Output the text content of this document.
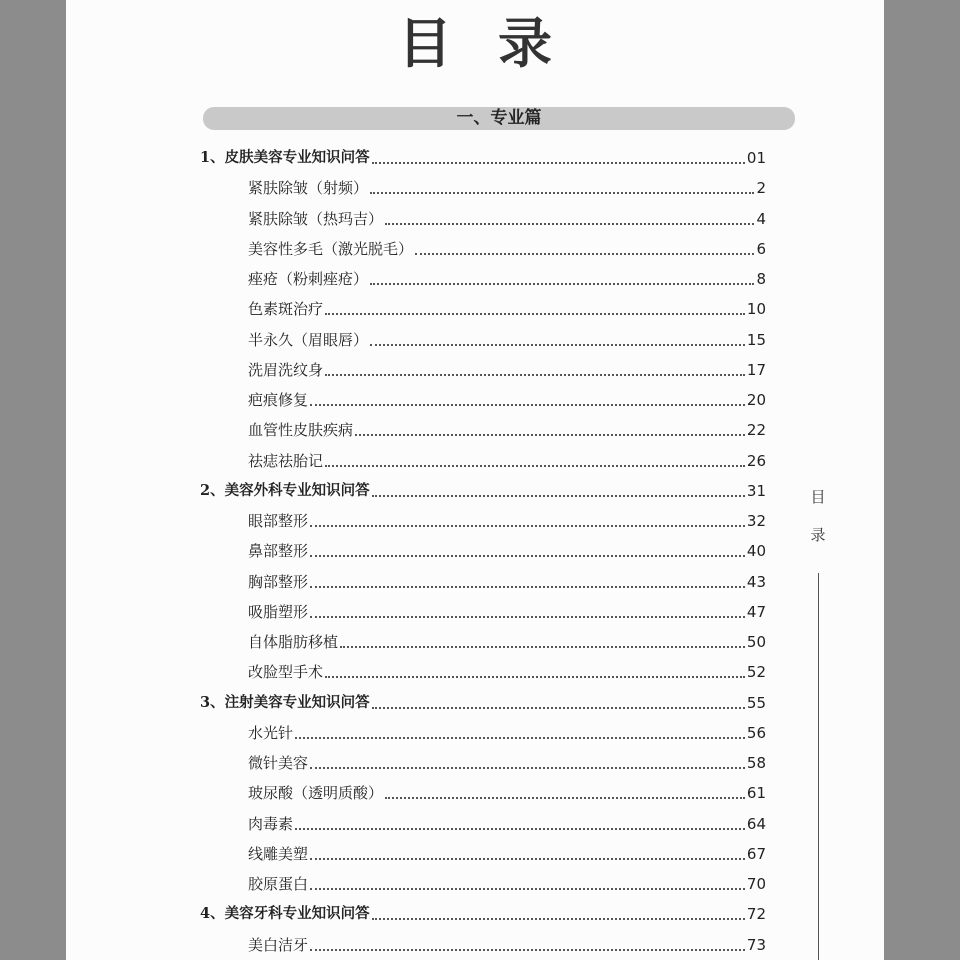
目录
一、专业篇
1、皮肤美容专业知识问答	01
紧肤除皱（射频）	2
紧肤除皱（热玛吉）	4
美容性多毛（激光脱毛）	6
痤疮（粉刺痤疮）	8
色素斑治疗	10
半永久（眉眼唇）	15
洗眉洗纹身	17
疤痕修复	20
血管性皮肤疾病	22
祛痣祛胎记	26
2、美容外科专业知识问答	31
眼部整形	32
鼻部整形	40
胸部整形	43
吸脂塑形	47
自体脂肪移植	50
改脸型手术	52
3、注射美容专业知识问答	55
水光针	56
微针美容	58
玻尿酸（透明质酸）	61
肉毒素	64
线雕美塑	67
胶原蛋白	70
4、美容牙科专业知识问答	72
美白洁牙	73
目
录
